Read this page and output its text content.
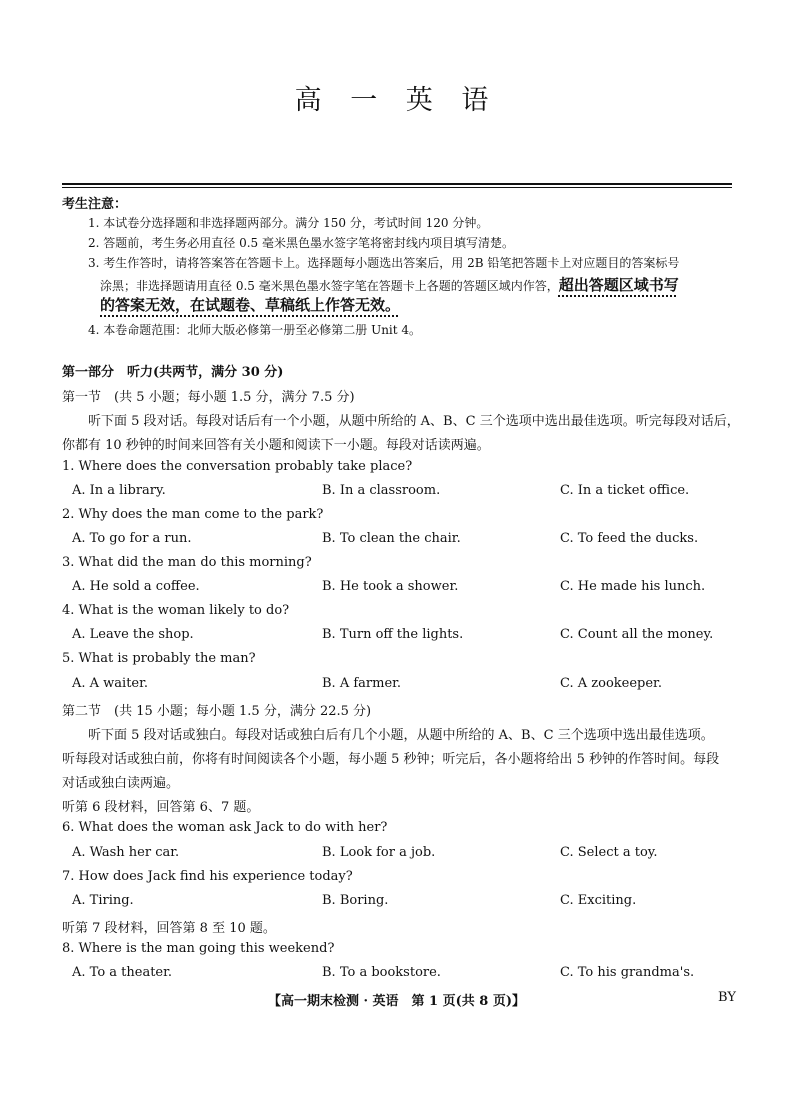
高 一 英 语
考生注意：
1. 本试卷分选择题和非选择题两部分。满分 150 分，考试时间 120 分钟。
2. 答题前，考生务必用直径 0.5 毫米黑色墨水签字笔将密封线内项目填写清楚。
3. 考生作答时，请将答案答在答题卡上。选择题每小题选出答案后，用 2B 铅笔把答题卡上对应题目的答案标号
涂黑；非选择题请用直径 0.5 毫米黑色墨水签字笔在答题卡上各题的答题区域内作答，超出答题区域书写
的答案无效，在试题卷、草稿纸上作答无效。
4. 本卷命题范围：北师大版必修第一册至必修第二册 Unit 4。
第一部分　听力(共两节，满分 30 分)
第一节　(共 5 小题；每小题 1.5 分，满分 7.5 分)
听下面 5 段对话。每段对话后有一个小题，从题中所给的 A、B、C 三个选项中选出最佳选项。听完每段对话后，
你都有 10 秒钟的时间来回答有关小题和阅读下一小题。每段对话读两遍。
1. Where does the conversation probably take place?
A. In a library.	B. In a classroom.	C. In a ticket office.
2. Why does the man come to the park?
A. To go for a run.	B. To clean the chair.	C. To feed the ducks.
3. What did the man do this morning?
A. He sold a coffee.	B. He took a shower.	C. He made his lunch.
4. What is the woman likely to do?
A. Leave the shop.	B. Turn off the lights.	C. Count all the money.
5. What is probably the man?
A. A waiter.	B. A farmer.	C. A zookeeper.
第二节　(共 15 小题；每小题 1.5 分，满分 22.5 分)
听下面 5 段对话或独白。每段对话或独白后有几个小题，从题中所给的 A、B、C 三个选项中选出最佳选项。
听每段对话或独白前，你将有时间阅读各个小题，每小题 5 秒钟；听完后，各小题将给出 5 秒钟的作答时间。每段
对话或独白读两遍。
听第 6 段材料，回答第 6、7 题。
6. What does the woman ask Jack to do with her?
A. Wash her car.	B. Look for a job.	C. Select a toy.
7. How does Jack find his experience today?
A. Tiring.	B. Boring.	C. Exciting.
听第 7 段材料，回答第 8 至 10 题。
8. Where is the man going this weekend?
A. To a theater.	B. To a bookstore.	C. To his grandma's.
【高一期末检测 · 英语　第 1 页(共 8 页)】	BY
